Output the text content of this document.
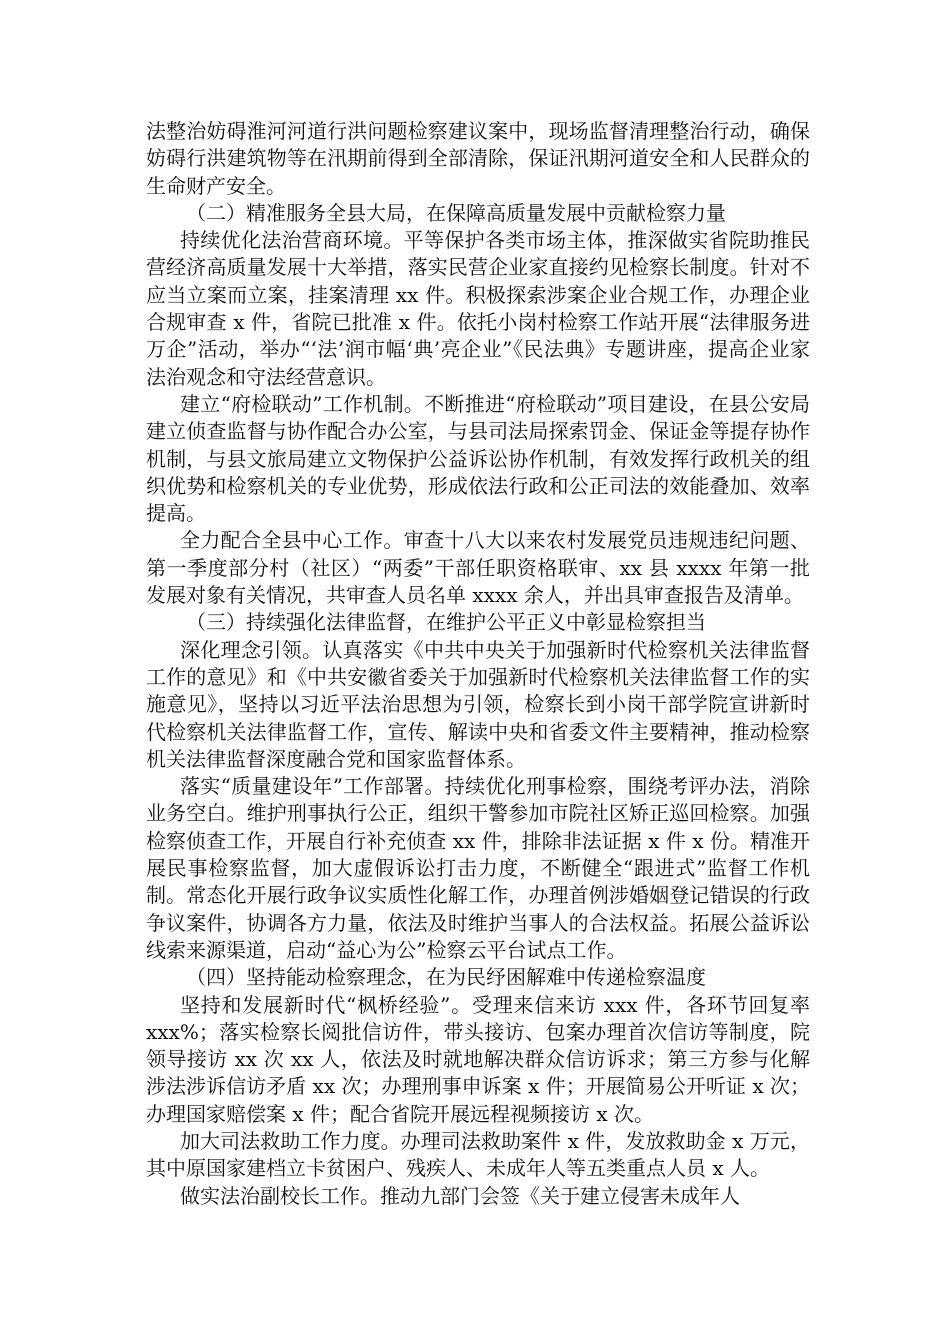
法整治妨碍淮河河道行洪问题检察建议案中，现场监督清理整治行动，确保妨碍行洪建筑物等在汛期前得到全部清除，保证汛期河道安全和人民群众的生命财产安全。

（二）精准服务全县大局，在保障高质量发展中贡献检察力量

持续优化法治营商环境。平等保护各类市场主体，推深做实省院助推民营经济高质量发展十大举措，落实民营企业家直接约见检察长制度。针对不应当立案而立案，挂案清理 xx 件。积极探索涉案企业合规工作，办理企业合规审查 x 件，省院已批准 x 件。依托小岗村检察工作站开展“法律服务进万企”活动，举办“‘法’润市幅‘典’亮企业”《民法典》专题讲座，提高企业家法治观念和守法经营意识。

建立“府检联动”工作机制。不断推进“府检联动”项目建设，在县公安局建立侦查监督与协作配合办公室，与县司法局探索罚金、保证金等提存协作机制，与县文旅局建立文物保护公益诉讼协作机制，有效发挥行政机关的组织优势和检察机关的专业优势，形成依法行政和公正司法的效能叠加、效率提高。

全力配合全县中心工作。审查十八大以来农村发展党员违规违纪问题、第一季度部分村（社区）“两委”干部任职资格联审、xx 县 xxxx 年第一批发展对象有关情况，共审查人员名单 xxxx 余人，并出具审查报告及清单。

（三）持续强化法律监督，在维护公平正义中彰显检察担当

深化理念引领。认真落实《中共中央关于加强新时代检察机关法律监督工作的意见》和《中共安徽省委关于加强新时代检察机关法律监督工作的实施意见》，坚持以习近平法治思想为引领，检察长到小岗干部学院宣讲新时代检察机关法律监督工作，宣传、解读中央和省委文件主要精神，推动检察机关法律监督深度融合党和国家监督体系。

落实“质量建设年”工作部署。持续优化刑事检察，围绕考评办法，消除业务空白。维护刑事执行公正，组织干警参加市院社区矫正巡回检察。加强检察侦查工作，开展自行补充侦查 xx 件，排除非法证据 x 件 x 份。精准开展民事检察监督，加大虚假诉讼打击力度，不断健全“跟进式”监督工作机制。常态化开展行政争议实质性化解工作，办理首例涉婚姻登记错误的行政争议案件，协调各方力量，依法及时维护当事人的合法权益。拓展公益诉讼线索来源渠道，启动“益心为公”检察云平台试点工作。

（四）坚持能动检察理念，在为民纾困解难中传递检察温度

坚持和发展新时代“枫桥经验”。受理来信来访 xxx 件，各环节回复率 xxx%；落实检察长阅批信访件，带头接访、包案办理首次信访等制度，院领导接访 xx 次 xx 人，依法及时就地解决群众信访诉求；第三方参与化解涉法涉诉信访矛盾 xx 次；办理刑事申诉案 x 件；开展简易公开听证 x 次；办理国家赔偿案 x 件；配合省院开展远程视频接访 x 次。

加大司法救助工作力度。办理司法救助案件 x 件，发放救助金 x 万元，其中原国家建档立卡贫困户、残疾人、未成年人等五类重点人员 x 人。

做实法治副校长工作。推动九部门会签《关于建立侵害未成年人
